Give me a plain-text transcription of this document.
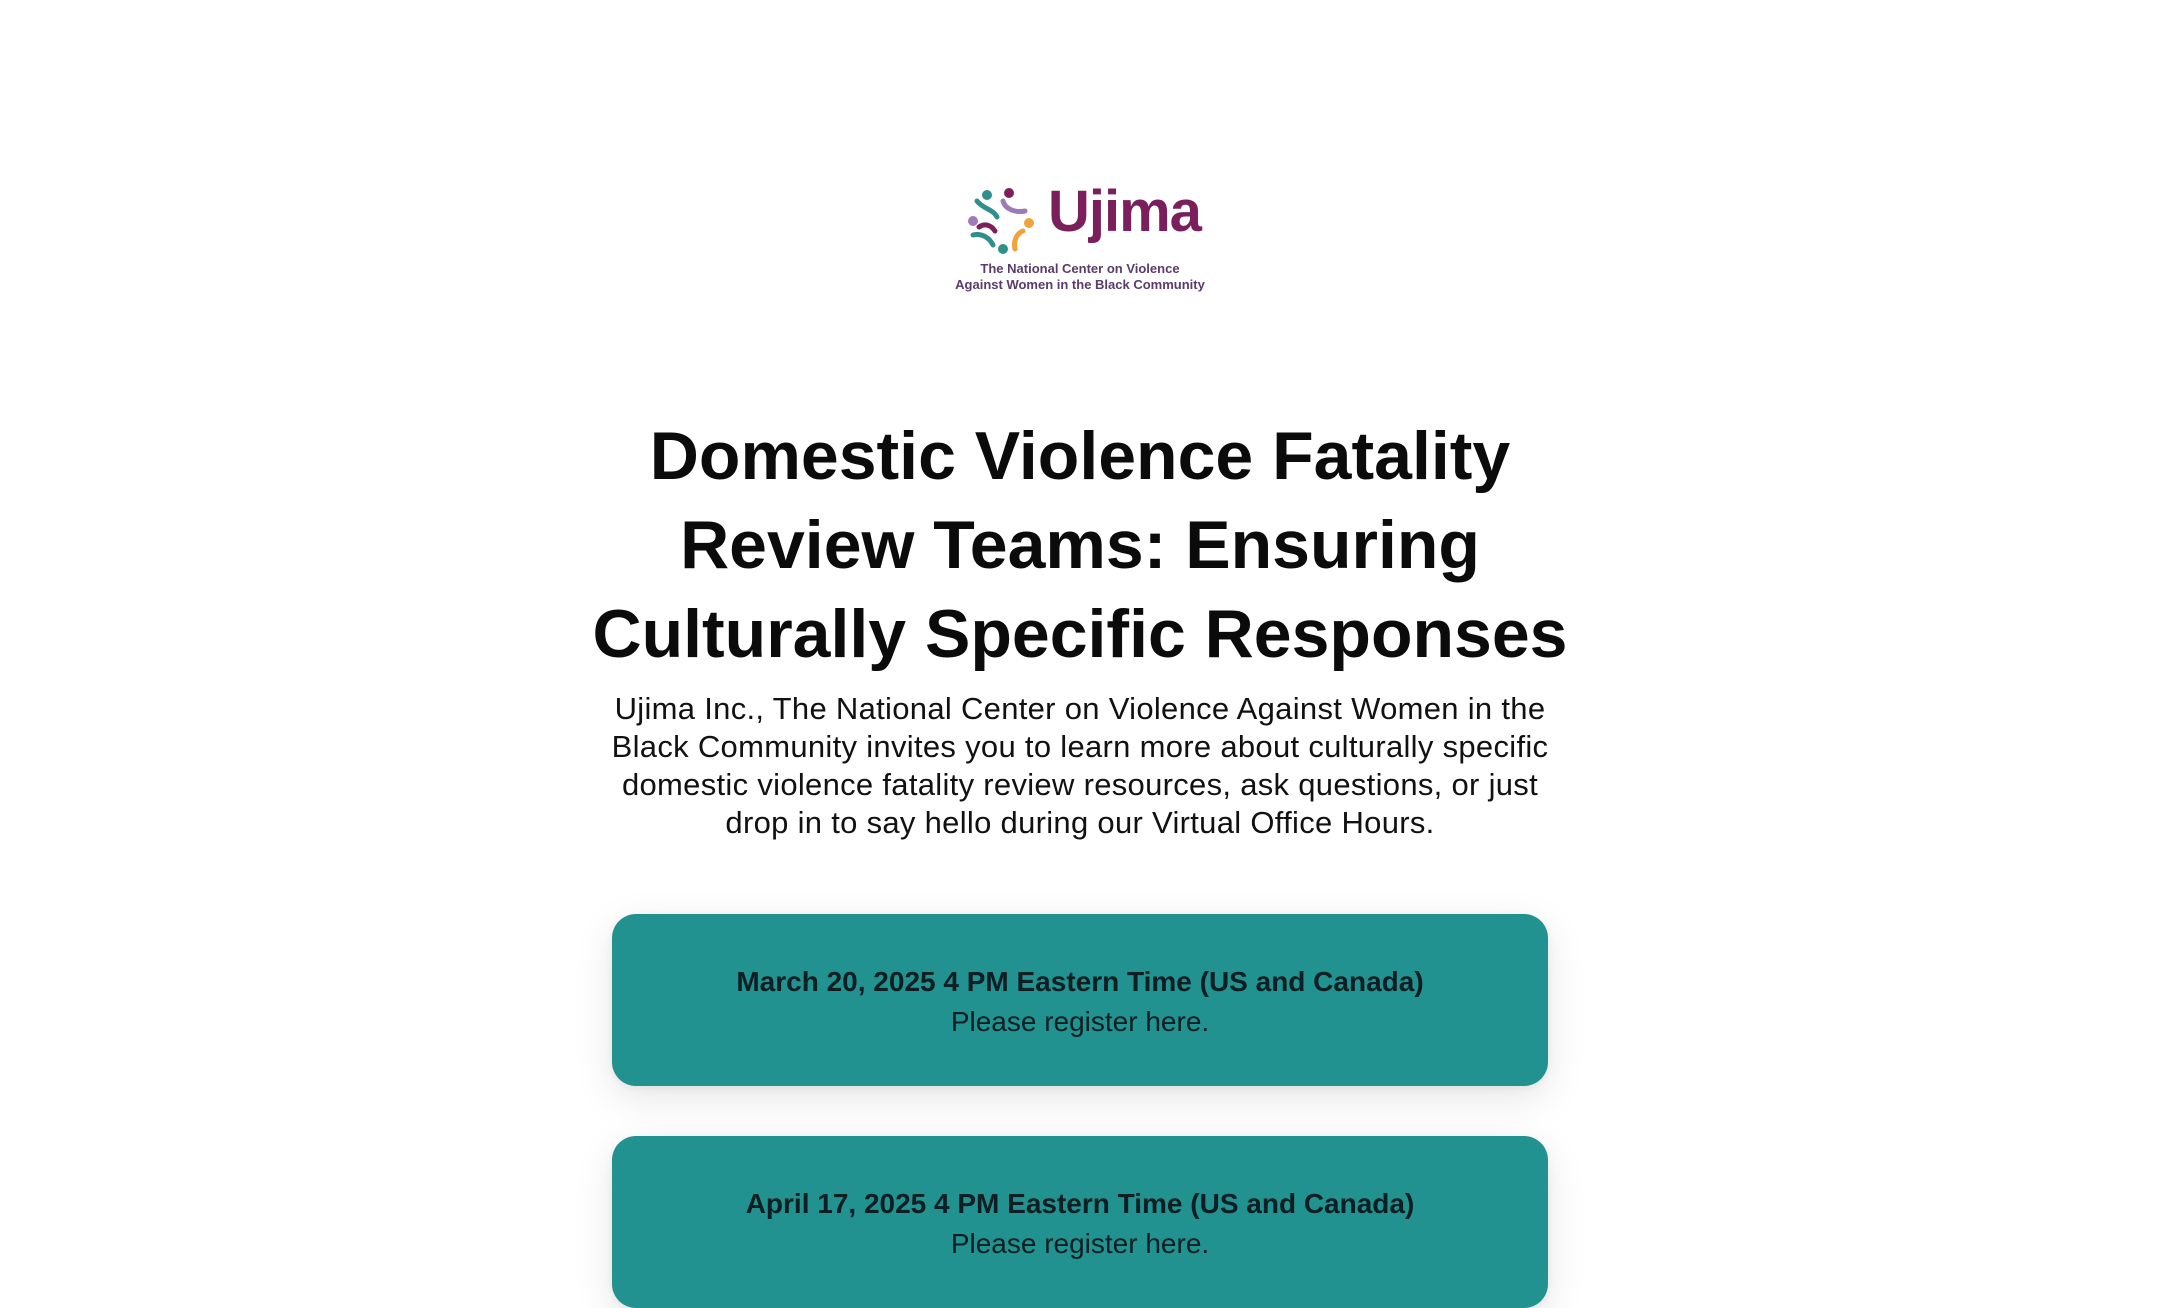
Ujima
The National Center on Violence
Against Women in the Black Community
Domestic Violence Fatality Review Teams: Ensuring Culturally Specific Responses

Ujima Inc., The National Center on Violence Against Women in the Black Community invites you to learn more about culturally specific domestic violence fatality review resources, ask questions, or just drop in to say hello during our Virtual Office Hours.

March 20, 2025 4 PM Eastern Time (US and Canada)
Please register here.
April 17, 2025 4 PM Eastern Time (US and Canada)
Please register here.
